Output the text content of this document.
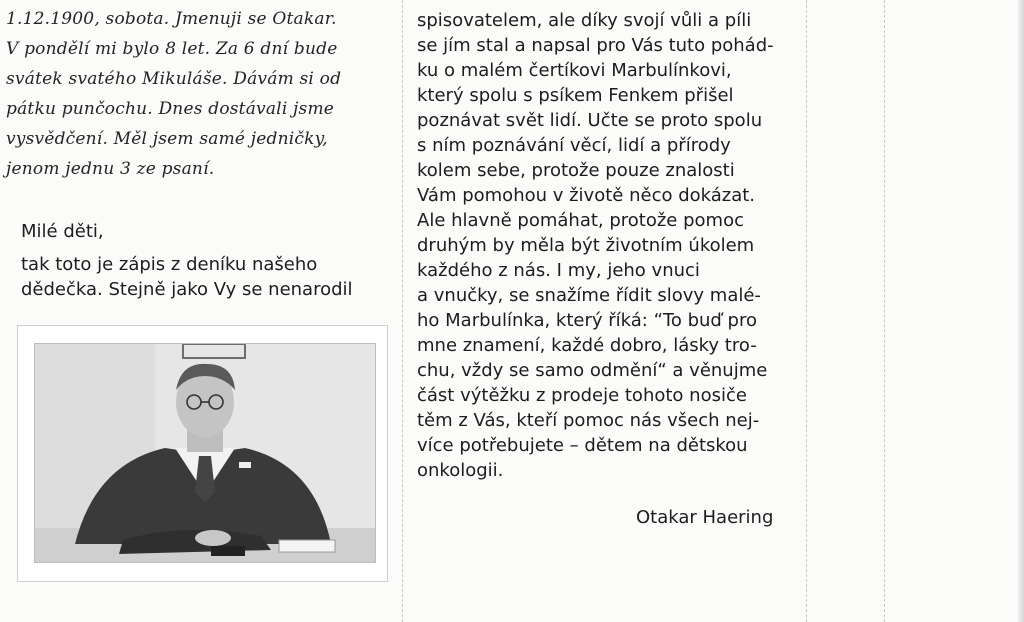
1.12.1900, sobota. Jmenuji se Otakar.
V pondělí mi bylo 8 let. Za 6 dní bude
svátek svatého Mikuláše. Dávám si od
pátku punčochu. Dnes dostávali jsme
vysvědčení. Měl jsem samé jedničky,
jenom jednu 3 ze psaní.
Milé děti,
tak toto je zápis z deníku našeho
dědečka. Stejně jako Vy se nenarodil
spisovatelem, ale díky svojí vůli a píli
se jím stal a napsal pro Vás tuto pohád-
ku o malém čertíkovi Marbulínkovi,
který spolu s psíkem Fenkem přišel
poznávat svět lidí. Učte se proto spolu
s ním poznávání věcí, lidí a přírody
kolem sebe, protože pouze znalosti
Vám pomohou v životě něco dokázat.
Ale hlavně pomáhat, protože pomoc
druhým by měla být životním úkolem
každého z nás. I my, jeho vnuci
a vnučky, se snažíme řídit slovy malé-
ho Marbulínka, který říká: “To buď pro
mne znamení, každé dobro, lásky tro-
chu, vždy se samo odmění“ a věnujme
část výtěžku z prodeje tohoto nosiče
těm z Vás, kteří pomoc nás všech nej-
více potřebujete – dětem na dětskou
onkologii.
Otakar Haering
